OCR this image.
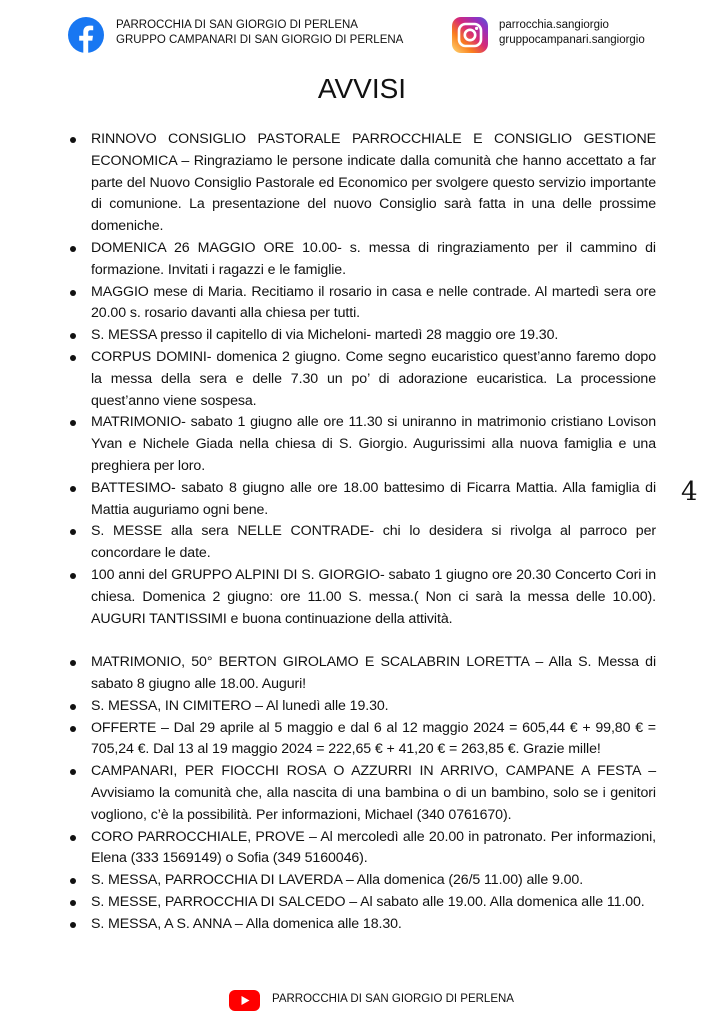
PARROCCHIA DI SAN GIORGIO DI PERLENA
GRUPPO CAMPANARI DI SAN GIORGIO DI PERLENA
parrocchia.sangiorgio
gruppocampanari.sangiorgio
AVVISI
4
RINNOVO CONSIGLIO PASTORALE PARROCCHIALE E CONSIGLIO GESTIONE ECONOMICA – Ringraziamo le persone indicate dalla comunità che hanno accettato a far parte del Nuovo Consiglio Pastorale ed Economico per svolgere questo servizio importante di comunione. La presentazione del nuovo Consiglio sarà fatta in una delle prossime domeniche.
DOMENICA 26 MAGGIO ORE 10.00- s. messa di ringraziamento per il cammino di formazione. Invitati i ragazzi e le famiglie.
MAGGIO mese di Maria. Recitiamo il rosario in casa e nelle contrade. Al martedì sera ore 20.00 s. rosario davanti alla chiesa per tutti.
S. MESSA presso il capitello di via Micheloni- martedì 28 maggio ore 19.30.
CORPUS DOMINI- domenica 2 giugno. Come segno eucaristico quest’anno faremo dopo la messa della sera e delle 7.30 un po’ di adorazione eucaristica. La processione quest’anno viene sospesa.
MATRIMONIO- sabato 1 giugno alle ore 11.30 si uniranno in matrimonio cristiano Lovison Yvan e Nichele Giada nella chiesa di S. Giorgio. Augurissimi alla nuova famiglia e una preghiera per loro.
BATTESIMO- sabato 8 giugno alle ore 18.00 battesimo di Ficarra Mattia. Alla famiglia di Mattia auguriamo ogni bene.
S. MESSE alla sera NELLE CONTRADE- chi lo desidera si rivolga al parroco per concordare le date.
100 anni del GRUPPO ALPINI DI S. GIORGIO- sabato 1 giugno ore 20.30 Concerto Cori in chiesa. Domenica 2 giugno: ore 11.00 S. messa.( Non ci sarà la messa delle 10.00). AUGURI TANTISSIMI e buona continuazione della attività.
MATRIMONIO, 50° BERTON GIROLAMO E SCALABRIN LORETTA – Alla S. Messa di sabato 8 giugno alle 18.00. Auguri!
S. MESSA, IN CIMITERO – Al lunedì alle 19.30.
OFFERTE – Dal 29 aprile al 5 maggio e dal 6 al 12 maggio 2024 = 605,44 € + 99,80 € = 705,24 €. Dal 13 al 19 maggio 2024 = 222,65 € + 41,20 € = 263,85 €. Grazie mille!
CAMPANARI, PER FIOCCHI ROSA O AZZURRI IN ARRIVO, CAMPANE A FESTA – Avvisiamo la comunità che, alla nascita di una bambina o di un bambino, solo se i genitori vogliono, c’è la possibilità. Per informazioni, Michael (340 0761670).
CORO PARROCCHIALE, PROVE – Al mercoledì alle 20.00 in patronato. Per informazioni, Elena (333 1569149) o Sofia (349 5160046).
S. MESSA, PARROCCHIA DI LAVERDA – Alla domenica (26/5 11.00) alle 9.00.
S. MESSE, PARROCCHIA DI SALCEDO – Al sabato alle 19.00. Alla domenica alle 11.00.
S. MESSA, A S. ANNA – Alla domenica alle 18.30.
PARROCCHIA DI SAN GIORGIO DI PERLENA
